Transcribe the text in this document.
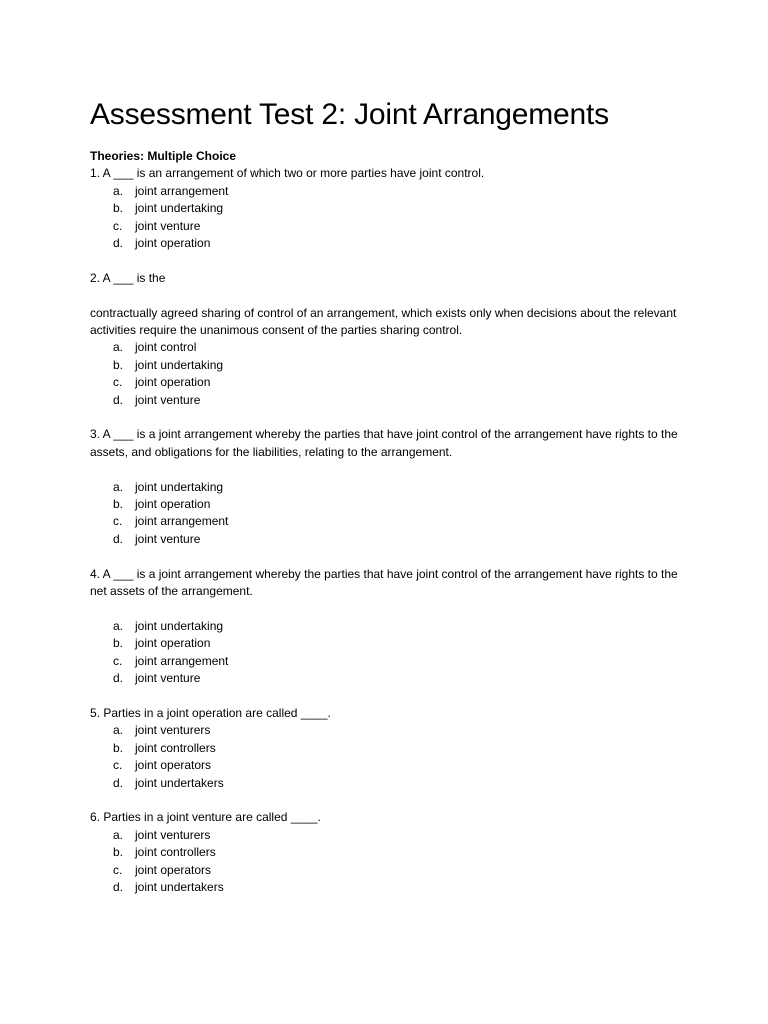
Assessment Test 2: Joint Arrangements

Theories: Multiple Choice

1. A ___ is an arrangement of which two or more parties have joint control.

a. joint arrangement
b. joint undertaking
c.	joint venture
d. joint operation

2. A ___ is the

contractually agreed sharing of control of an arrangement, which exists only when decisions about the relevant activities require the unanimous consent of the parties sharing control.

a. joint control
b. joint undertaking
c.	joint operation
d. joint venture

3. A ___ is a joint arrangement whereby the parties that have joint control of the arrangement have rights to the assets, and obligations for the liabilities, relating to the arrangement.

a. joint undertaking
b. joint operation
c.	joint arrangement
d. joint venture

4. A ___ is a joint arrangement whereby the parties that have joint control of the arrangement have rights to the net assets of the arrangement.

a. joint undertaking
b. joint operation
c.	joint arrangement
d. joint venture

5. Parties in a joint operation are called ____.

a. joint venturers
b. joint controllers
c.	joint operators
d. joint undertakers

6. Parties in a joint venture are called ____.

a. joint venturers
b. joint controllers
c.	joint operators
d. joint undertakers
